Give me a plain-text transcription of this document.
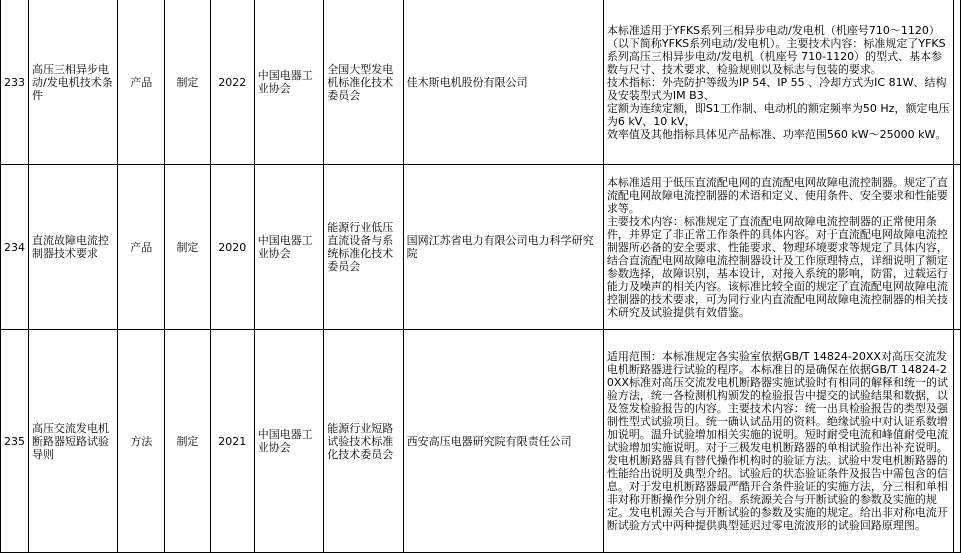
233	高压三相异步电动/发电机技术条件	产品	制定	2022	中国电器工业协会	全国大型发电机标准化技术委员会	佳木斯电机股份有限公司	本标准适用于YFKS系列三相异步电动/发电机（机座号710～1120）（以下简称YFKS系列电动/发电机）。主要技术内容：标准规定了YFKS系列高压三相异步电动/发电机（机座号 710-1120）的型式、基本参数与尺寸、技术要求、检验规则以及标志与包装的要求。
技术指标：外壳防护等级为IP 54、IP 55 、冷却方式为IC 81W、结构及安装型式为IM B3、
定额为连续定额，即S1工作制、电动机的额定频率为50 Hz，额定电压为6 kV、10 kV，
效率值及其他指标具体见产品标准、功率范围560 kW～25000 kW。	

234	直流故障电流控制器技术要求	产品	制定	2020	中国电器工业协会	能源行业低压直流设备与系统标准化技术委员会	国网江苏省电力有限公司电力科学研究院	本标准适用于低压直流配电网的直流配电网故障电流控制器。规定了直流配电网故障电流控制器的术语和定义、使用条件、安全要求和性能要求等。
主要技术内容：标准规定了直流配电网故障电流控制器的正常使用条件，并界定了非正常工作条件的具体内容。对于直流配电网故障电流控制器所必备的安全要求、性能要求、物理环境要求等规定了具体内容，结合直流配电网故障电流控制器设计及工作原理特点，详细说明了额定参数选择，故障识别，基本设计，对接入系统的影响，防雷，过载运行能力及噪声的相关内容。该标准比较全面的规定了直流配电网故障电流控制器的技术要求，可为同行业内直流配电网故障电流控制器的相关技术研究及试验提供有效借鉴。	

235	高压交流发电机断路器短路试验导则	方法	制定	2021	中国电器工业协会	能源行业短路试验技术标准化技术委员会	西安高压电器研究院有限责任公司	适用范围：本标准规定各实验室依据GB/T 14824-20XX对高压交流发电机断路器进行试验的程序。本标准目的是确保在依据GB/T 14824-20XX标准对高压交流发电机断路器实施试验时有相同的解释和统一的试验方法，统一各检测机构颁发的检验报告中提交的试验结果和数据，以及签发检验报告的内容。主要技术内容：统一出具检验报告的类型及强制性型式试验项目。统一确认试品用的资料。绝缘试验中对认证系数增加说明。温升试验增加相关实施的说明。短时耐受电流和峰值耐受电流试验增加实施说明。对于三极发电机断路器的单相试验作出补充说明。发电机断路器具有替代操作机构时的验证方法。试验中发电机断路器的性能给出说明及典型介绍。试验后的状态验证条件及报告中需包含的信息。对于发电机断路器最严酷开合条件验证的实施方法，分三相和单相非对称开断操作分别介绍。系统源关合与开断试验的参数及实施的规定。发电机源关合与开断试验的参数及实施的规定。给出非对称电流开断试验方式中两种提供典型延迟过零电流波形的试验回路原理图。	
